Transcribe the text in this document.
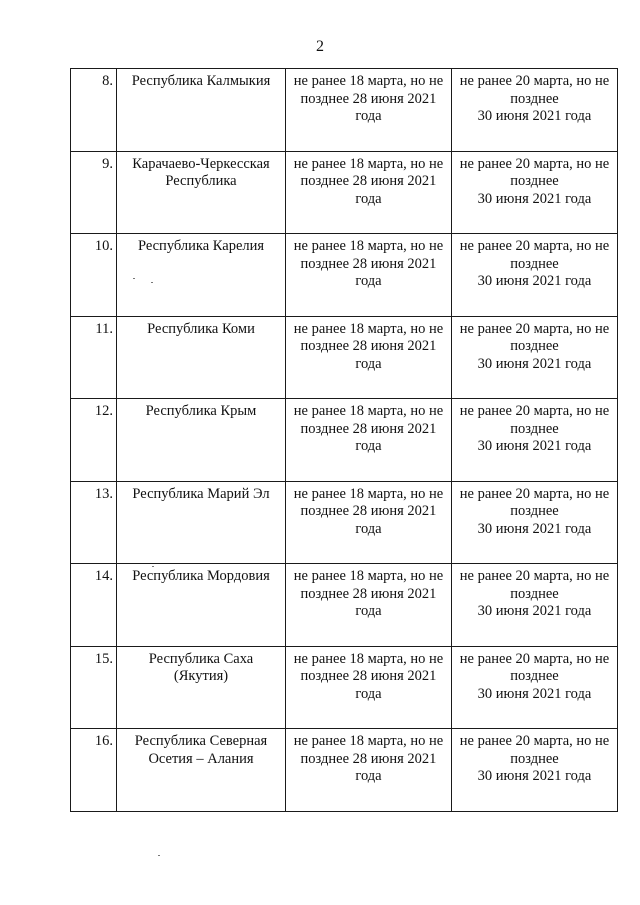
2
8.	Республика Калмыкия	не ранее 18 марта, но не
позднее 28 июня 2021
года	не ранее 20 марта, но не
позднее
30 июня 2021 года

9.	Карачаево-Черкесская
Республика	не ранее 18 марта, но не
позднее 28 июня 2021
года	не ранее 20 марта, но не
позднее
30 июня 2021 года

10.	Республика Карелия	не ранее 18 марта, но не
позднее 28 июня 2021
года	не ранее 20 марта, но не
позднее
30 июня 2021 года

11.	Республика Коми	не ранее 18 марта, но не
позднее 28 июня 2021
года	не ранее 20 марта, но не
позднее
30 июня 2021 года

12.	Республика Крым	не ранее 18 марта, но не
позднее 28 июня 2021
года	не ранее 20 марта, но не
позднее
30 июня 2021 года

13.	Республика Марий Эл	не ранее 18 марта, но не
позднее 28 июня 2021
года	не ранее 20 марта, но не
позднее
30 июня 2021 года

14.	Республика Мордовия	не ранее 18 марта, но не
позднее 28 июня 2021
года	не ранее 20 марта, но не
позднее
30 июня 2021 года

15.	Республика Саха
(Якутия)	не ранее 18 марта, но не
позднее 28 июня 2021
года	не ранее 20 марта, но не
позднее
30 июня 2021 года

16.	Республика Северная
Осетия – Алания	не ранее 18 марта, но не
позднее 28 июня 2021
года	не ранее 20 марта, но не
позднее
30 июня 2021 года
